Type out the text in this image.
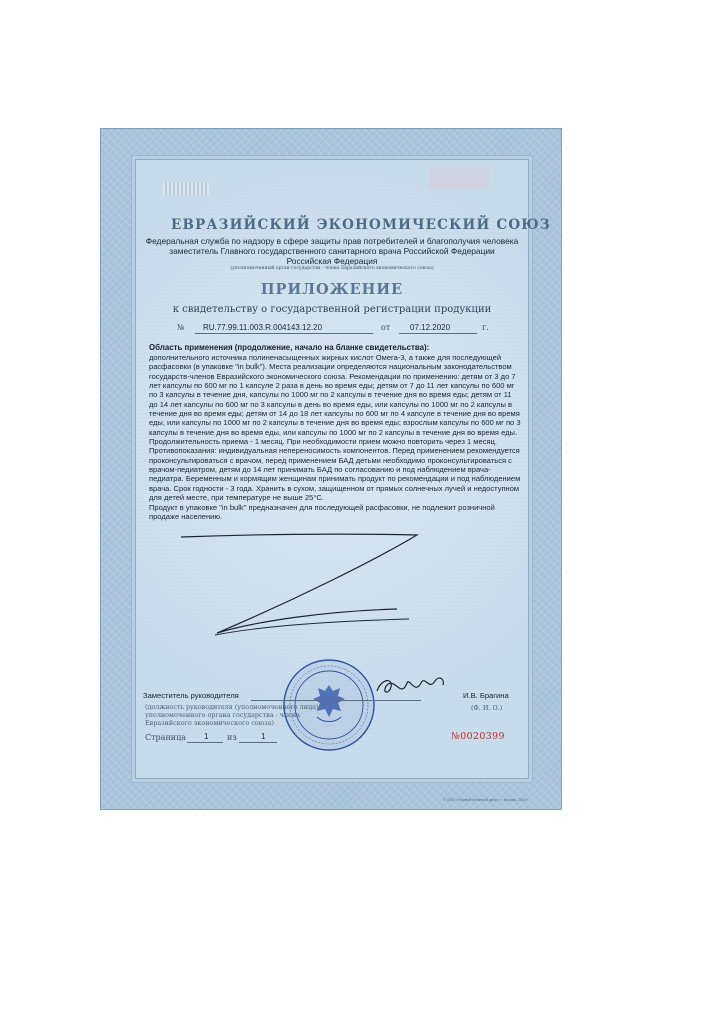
ЕВРАЗИЙСКИЙ ЭКОНОМИЧЕСКИЙ СОЮЗ
Федеральная служба по надзору в сфере защиты прав потребителей и благополучия человека
заместитель Главного государственного санитарного врача Российской Федерации
Российская Федерация
(уполномоченный орган государства - члена Евразийского экономического союза)
ПРИЛОЖЕНИЕ
к свидетельству о государственной регистрации продукции
№ RU.77.99.11.003.R.004143.12.20	от 07.12.2020	г.
Область применения (продолжение, начало на бланке свидетельства):

дополнительного источника полиненасыщенных жирных кислот Омега-3, а также для последующей расфасовки (в упаковке "in bulk"). Места реализации определяются национальным законодательством государств-членов Евразийского экономического союза. Рекомендации по применению: детям от 3 до 7 лет капсулы по 600 мг по 1 капсуле 2 раза в день во время еды; детям от 7 до 11 лет капсулы по 600 мг по 3 капсулы в течение дня, капсулы по 1000 мг по 2 капсулы в течение дня во время еды; детям от 11 до 14 лет капсулы по 600 мг по 3 капсулы в день во время еды, или капсулы по 1000 мг по 2 капсулы в течение дня во время еды; детям от 14 до 18 лет капсулы по 600 мг по 4 капсуле в течение дня во время еды, или капсулы по 1000 мг по 2 капсулы в течение дня во время еды; взрослым капсулы по 600 мг по 3 капсулы в течение дня во время еды, или капсулы по 1000 мг по 2 капсулы в течение дня во время еды.

Продолжительность приема - 1 месяц. При необходимости прием можно повторить через 1 месяц.

Противопоказания: индивидуальная непереносимость компонентов. Перед применением рекомендуется проконсультироваться с врачом, перед применением БАД детьми необходимо проконсультироваться с врачом-педиатром, детям до 14 лет принимать БАД по согласованию и под наблюдением врача-педиатра. Беременным и кормящим женщинам принимать продукт по рекомендации и под наблюдением врача. Срок годности - 3 года. Хранить в сухом, защищенном от прямых солнечных лучей и недоступном для детей месте, при температуре не выше 25°С.

Продукт в упаковке "in bulk" предназначен для последующей расфасовки, не подлежит розничной продаже населению.

Заместитель руководителя	И.В. Брагина
(должность руководителя (уполномоченного лица) уполномоченного органа государства - члена Евразийского экономического союза)
(Ф. И. О.)
Страница 1 из	1	№0020399
© ООО «Первый печатный двор», г. Москва, 2020 г.
